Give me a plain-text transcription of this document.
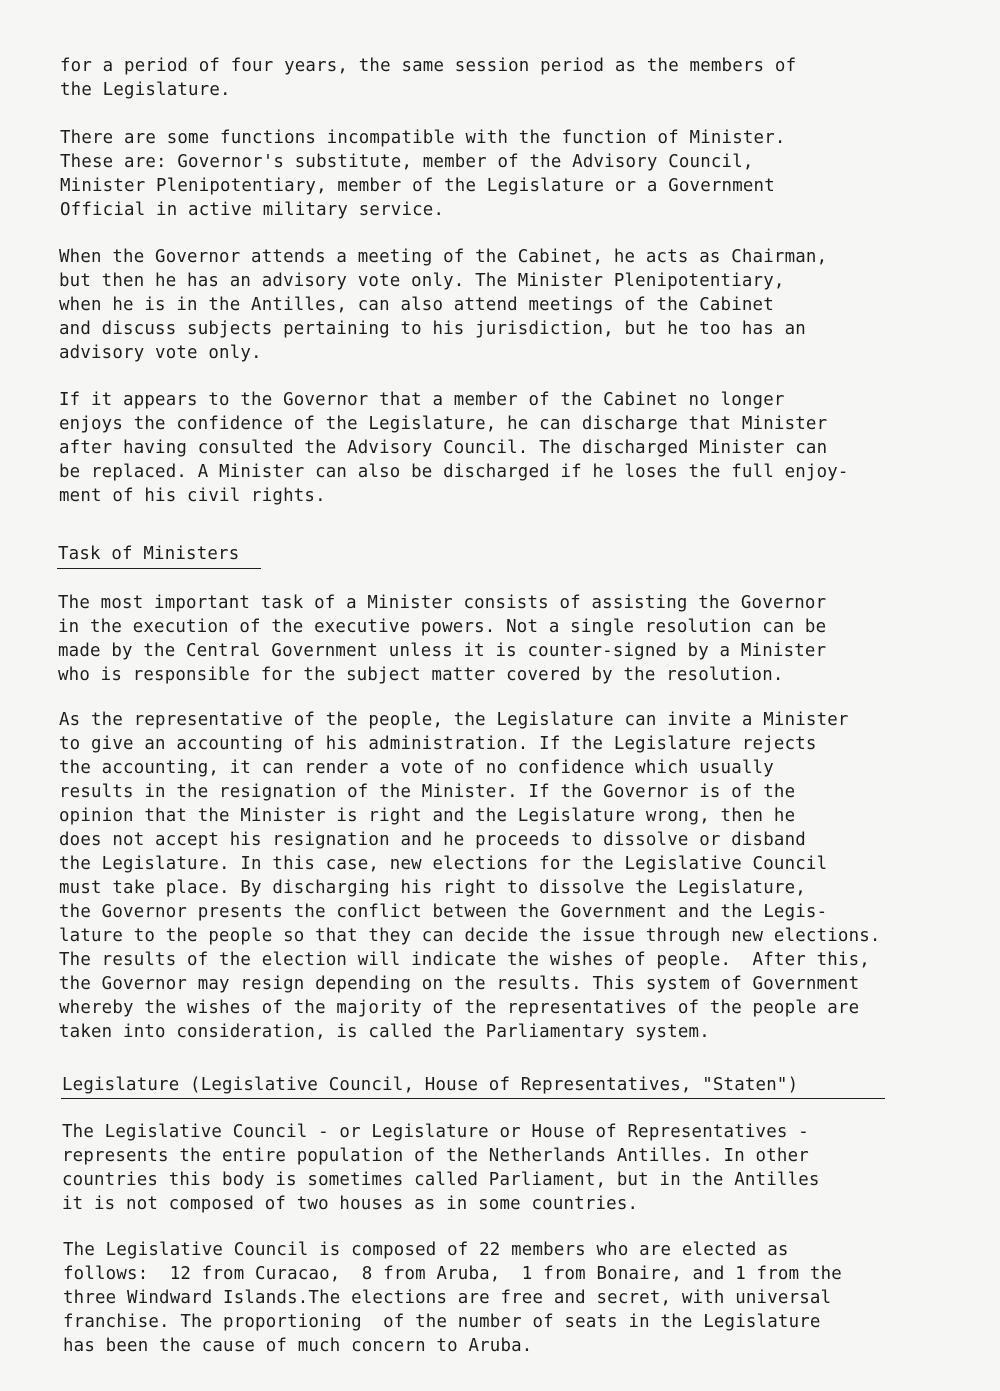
for a period of four years, the same session period as the members of

the Legislature.

There are some functions incompatible with the function of Minister.

These are: Governor's substitute, member of the Advisory Council,

Minister Plenipotentiary, member of the Legislature or a Government

Official in active military service.

When the Governor attends a meeting of the Cabinet, he acts as Chairman,

but then he has an advisory vote only. The Minister Plenipotentiary,

when he is in the Antilles, can also attend meetings of the Cabinet

and discuss subjects pertaining to his jurisdiction, but he too has an

advisory vote only.

If it appears to the Governor that a member of the Cabinet no longer

enjoys the confidence of the Legislature, he can discharge that Minister

after having consulted the Advisory Council. The discharged Minister can

be replaced. A Minister can also be discharged if he loses the full enjoy-

ment of his civil rights.

Task of Ministers

The most important task of a Minister consists of assisting the Governor

in the execution of the executive powers. Not a single resolution can be

made by the Central Government unless it is counter-signed by a Minister

who is responsible for the subject matter covered by the resolution.

As the representative of the people, the Legislature can invite a Minister

to give an accounting of his administration. If the Legislature rejects

the accounting, it can render a vote of no confidence which usually

results in the resignation of the Minister. If the Governor is of the

opinion that the Minister is right and the Legislature wrong, then he

does not accept his resignation and he proceeds to dissolve or disband

the Legislature. In this case, new elections for the Legislative Council

must take place. By discharging his right to dissolve the Legislature,

the Governor presents the conflict between the Government and the Legis-

lature to the people so that they can decide the issue through new elections.

The results of the election will indicate the wishes of people.  After this,

the Governor may resign depending on the results. This system of Government

whereby the wishes of the majority of the representatives of the people are

taken into consideration, is called the Parliamentary system.

Legislature (Legislative Council, House of Representatives, "Staten")

The Legislative Council - or Legislature or House of Representatives -

represents the entire population of the Netherlands Antilles. In other

countries this body is sometimes called Parliament, but in the Antilles

it is not composed of two houses as in some countries.

The Legislative Council is composed of 22 members who are elected as

follows:  12 from Curacao,  8 from Aruba,  1 from Bonaire, and 1 from the

three Windward Islands.The elections are free and secret, with universal

franchise. The proportioning  of the number of seats in the Legislature

has been the cause of much concern to Aruba.
